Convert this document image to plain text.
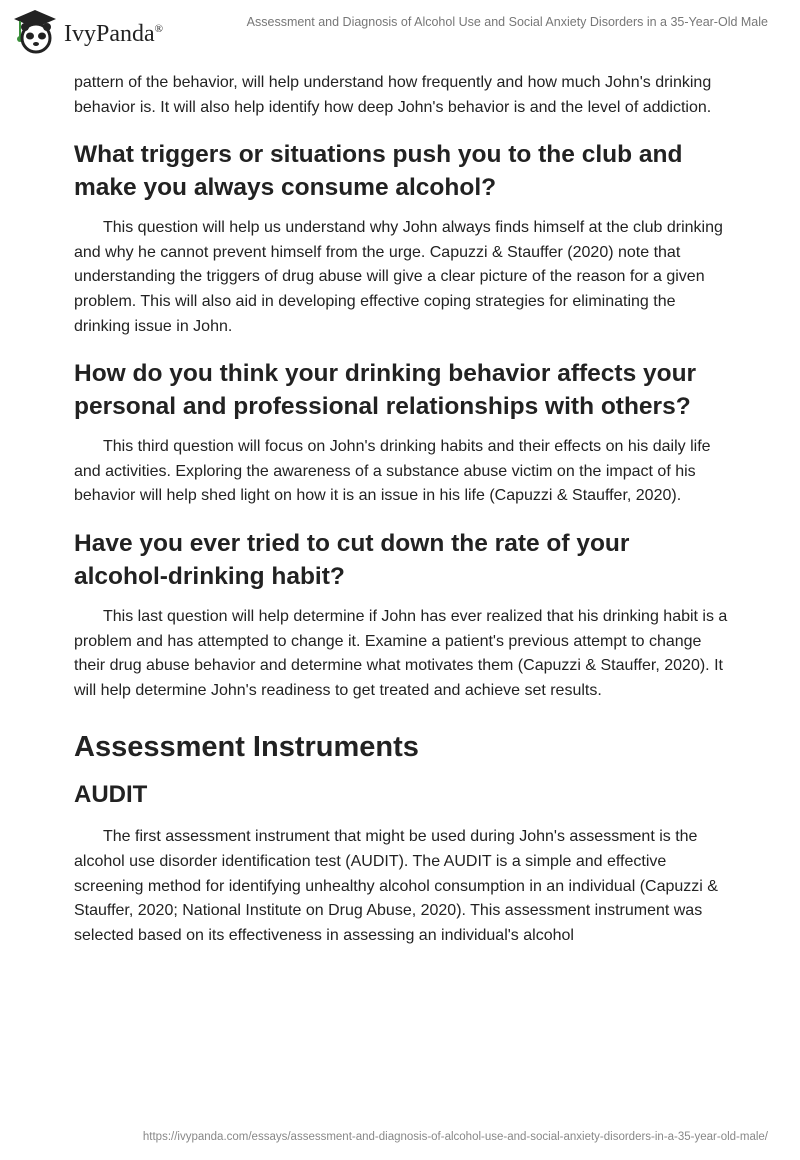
IvyPanda®	Assessment and Diagnosis of Alcohol Use and Social Anxiety Disorders in a 35-Year-Old Male

pattern of the behavior, will help understand how frequently and how much John's drinking behavior is. It will also help identify how deep John's behavior is and the level of addiction.

What triggers or situations push you to the club and make you always consume alcohol?

This question will help us understand why John always finds himself at the club drinking and why he cannot prevent himself from the urge. Capuzzi & Stauffer (2020) note that understanding the triggers of drug abuse will give a clear picture of the reason for a given problem. This will also aid in developing effective coping strategies for eliminating the drinking issue in John.

How do you think your drinking behavior affects your personal and professional relationships with others?

This third question will focus on John's drinking habits and their effects on his daily life and activities. Exploring the awareness of a substance abuse victim on the impact of his behavior will help shed light on how it is an issue in his life (Capuzzi & Stauffer, 2020).

Have you ever tried to cut down the rate of your alcohol-drinking habit?

This last question will help determine if John has ever realized that his drinking habit is a problem and has attempted to change it. Examine a patient's previous attempt to change their drug abuse behavior and determine what motivates them (Capuzzi & Stauffer, 2020). It will help determine John's readiness to get treated and achieve set results.

Assessment Instruments
AUDIT

The first assessment instrument that might be used during John's assessment is the alcohol use disorder identification test (AUDIT). The AUDIT is a simple and effective screening method for identifying unhealthy alcohol consumption in an individual (Capuzzi & Stauffer, 2020; National Institute on Drug Abuse, 2020). This assessment instrument was selected based on its effectiveness in assessing an individual's alcohol

https://ivypanda.com/essays/assessment-and-diagnosis-of-alcohol-use-and-social-anxiety-disorders-in-a-35-year-old-male/
